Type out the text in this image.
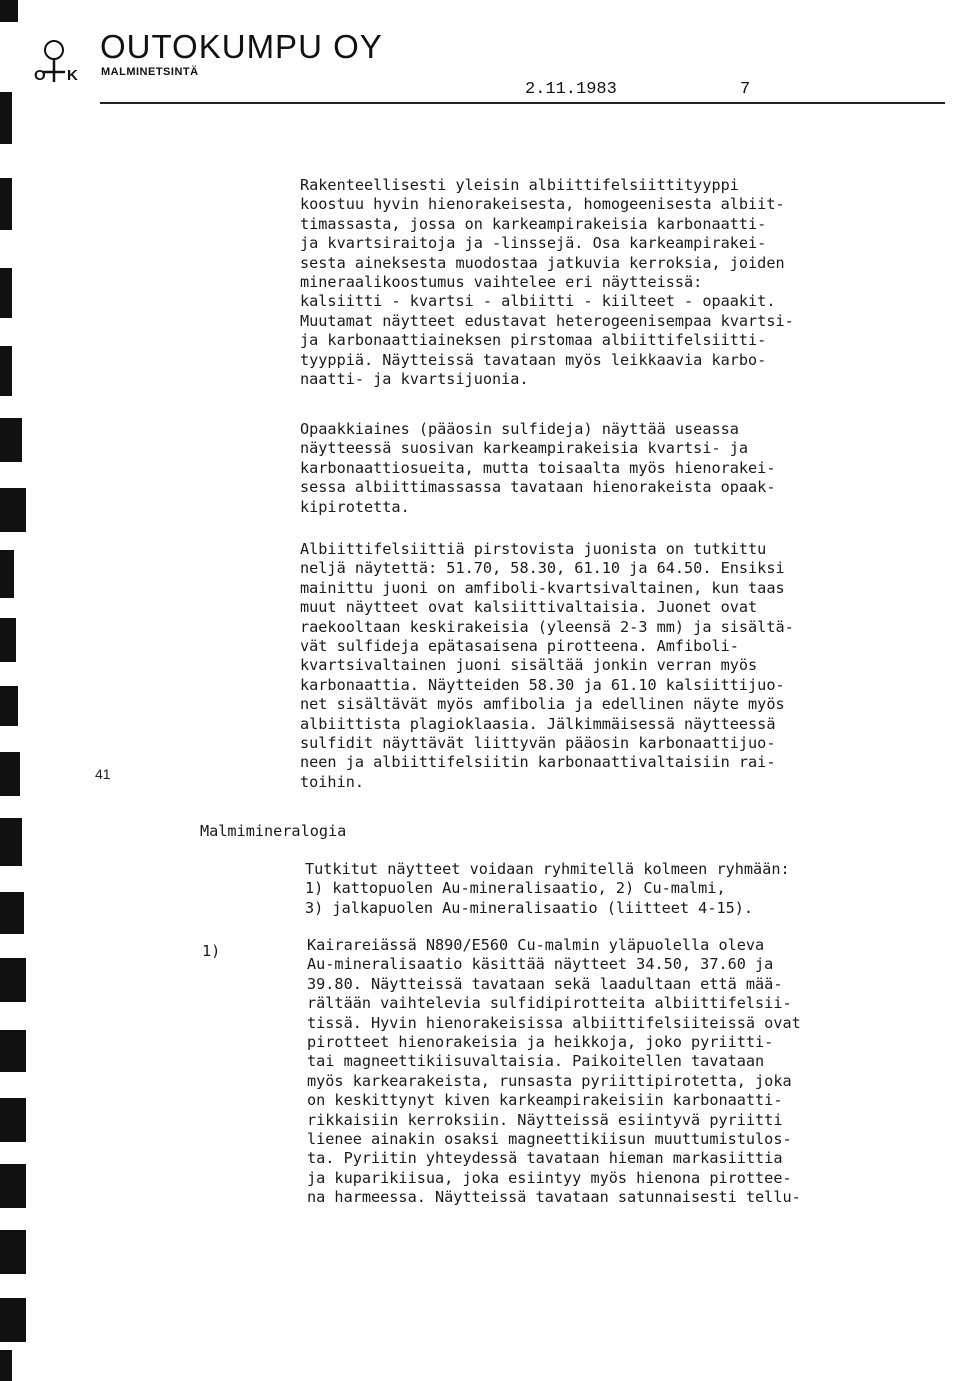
O K
OUTOKUMPU OY
MALMINETSINTÄ
2.11.1983	7
Rakenteellisesti yleisin albiittifelsiittityyppi
koostuu hyvin hienorakeisesta, homogeenisesta albiit-
timassasta, jossa on karkeampirakeisia karbonaatti-
ja kvartsiraitoja ja -linssejä. Osa karkeampirakei-
sesta aineksesta muodostaa jatkuvia kerroksia, joiden
mineraalikoostumus vaihtelee eri näytteissä:
kalsiitti - kvartsi - albiitti - kiilteet - opaakit.
Muutamat näytteet edustavat heterogeenisempaa kvartsi-
ja karbonaattiaineksen pirstomaa albiittifelsiitti-
tyyppiä. Näytteissä tavataan myös leikkaavia karbo-
naatti- ja kvartsijuonia.
Opaakkiaines (pääosin sulfideja) näyttää useassa
näytteessä suosivan karkeampirakeisia kvartsi- ja
karbonaattiosueita, mutta toisaalta myös hienorakei-
sessa albiittimassassa tavataan hienorakeista opaak-
kipirotetta.
Albiittifelsiittiä pirstovista juonista on tutkittu
neljä näytettä: 51.70, 58.30, 61.10 ja 64.50. Ensiksi
mainittu juoni on amfiboli-kvartsivaltainen, kun taas
muut näytteet ovat kalsiittivaltaisia. Juonet ovat
raekooltaan keskirakeisia (yleensä 2-3 mm) ja sisältä-
vät sulfideja epätasaisena pirotteena. Amfiboli-
kvartsivaltainen juoni sisältää jonkin verran myös
karbonaattia. Näytteiden 58.30 ja 61.10 kalsiittijuo-
net sisältävät myös amfibolia ja edellinen näyte myös
albiittista plagioklaasia. Jälkimmäisessä näytteessä
sulfidit näyttävät liittyvän pääosin karbonaattijuo-
neen ja albiittifelsiitin karbonaattivaltaisiin rai-
toihin.
41
Malmimineralogia
Tutkitut näytteet voidaan ryhmitellä kolmeen ryhmään:
1) kattopuolen Au-mineralisaatio, 2) Cu-malmi,
3) jalkapuolen Au-mineralisaatio (liitteet 4-15).
1)	Kairareiässä N890/E560 Cu-malmin yläpuolella oleva
Au-mineralisaatio käsittää näytteet 34.50, 37.60 ja
39.80. Näytteissä tavataan sekä laadultaan että mää-
rältään vaihtelevia sulfidipirotteita albiittifelsii-
tissä. Hyvin hienorakeisissa albiittifelsiiteissä ovat
pirotteet hienorakeisia ja heikkoja, joko pyriitti-
tai magneettikiisuvaltaisia. Paikoitellen tavataan
myös karkearakeista, runsasta pyriittipirotetta, joka
on keskittynyt kiven karkeampirakeisiin karbonaatti-
rikkaisiin kerroksiin. Näytteissä esiintyvä pyriitti
lienee ainakin osaksi magneettikiisun muuttumistulos-
ta. Pyriitin yhteydessä tavataan hieman markasiittia
ja kuparikiisua, joka esiintyy myös hienona pirottee-
na harmeessa. Näytteissä tavataan satunnaisesti tellu-
